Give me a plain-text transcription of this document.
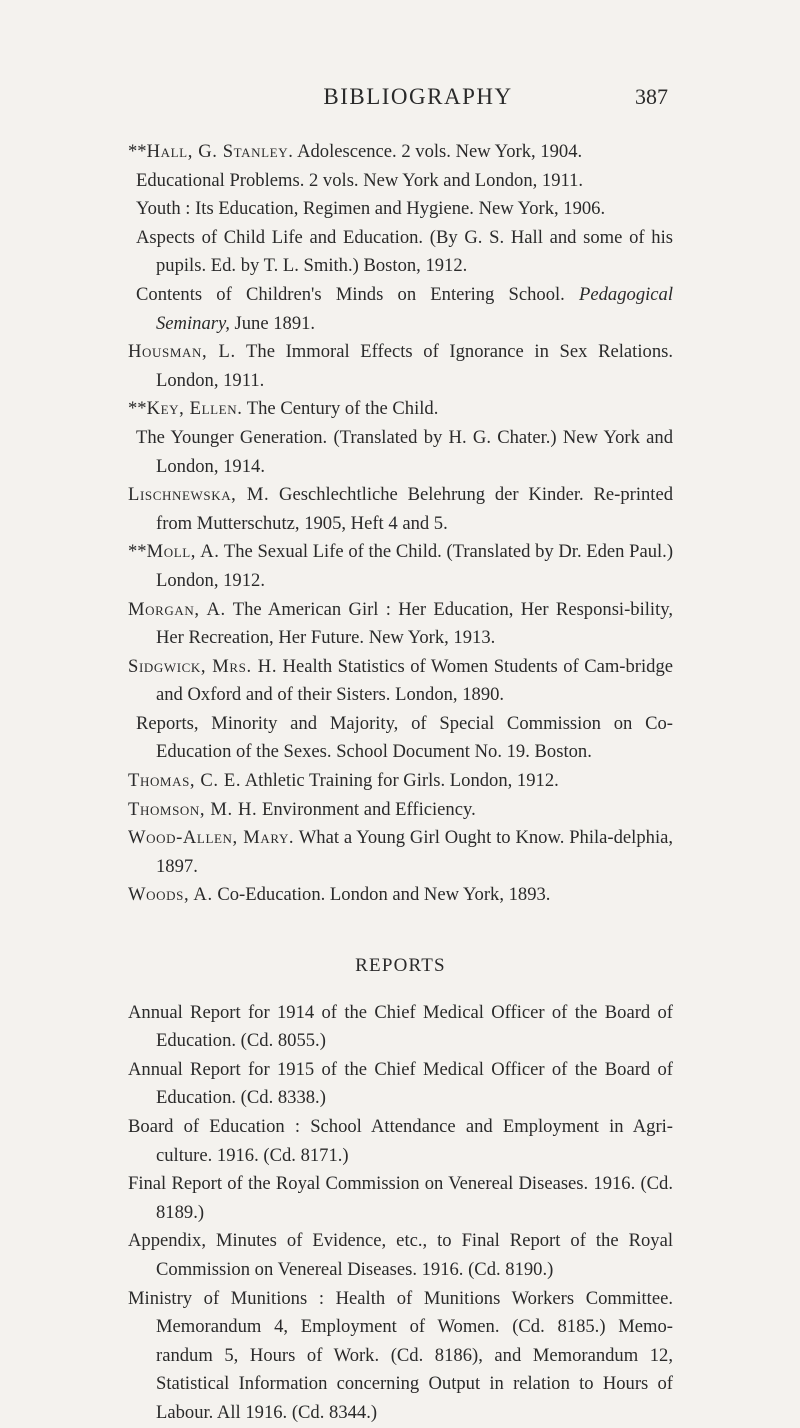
BIBLIOGRAPHY	387

**Hall, G. Stanley. Adolescence. 2 vols. New York, 1904.

Educational Problems. 2 vols. New York and London, 1911.

Youth : Its Education, Regimen and Hygiene. New York, 1906.

Aspects of Child Life and Education. (By G. S. Hall and some of his pupils. Ed. by T. L. Smith.) Boston, 1912.

Contents of Children's Minds on Entering School. Pedagogical Seminary, June 1891.

Housman, L. The Immoral Effects of Ignorance in Sex Relations. London, 1911.

**Key, Ellen. The Century of the Child.

The Younger Generation. (Translated by H. G. Chater.) New York and London, 1914.

Lischnewska, M. Geschlechtliche Belehrung der Kinder. Re-printed from Mutterschutz, 1905, Heft 4 and 5.

**Moll, A. The Sexual Life of the Child. (Translated by Dr. Eden Paul.) London, 1912.

Morgan, A. The American Girl : Her Education, Her Responsi-bility, Her Recreation, Her Future. New York, 1913.

Sidgwick, Mrs. H. Health Statistics of Women Students of Cam-bridge and Oxford and of their Sisters. London, 1890.

Reports, Minority and Majority, of Special Commission on Co-Education of the Sexes. School Document No. 19. Boston.

Thomas, C. E. Athletic Training for Girls. London, 1912.

Thomson, M. H. Environment and Efficiency.

Wood-Allen, Mary. What a Young Girl Ought to Know. Phila-delphia, 1897.

Woods, A. Co-Education. London and New York, 1893.

REPORTS

Annual Report for 1914 of the Chief Medical Officer of the Board of Education. (Cd. 8055.)

Annual Report for 1915 of the Chief Medical Officer of the Board of Education. (Cd. 8338.)

Board of Education : School Attendance and Employment in Agri-culture. 1916. (Cd. 8171.)

Final Report of the Royal Commission on Venereal Diseases. 1916. (Cd. 8189.)

Appendix, Minutes of Evidence, etc., to Final Report of the Royal Commission on Venereal Diseases. 1916. (Cd. 8190.)

Ministry of Munitions : Health of Munitions Workers Committee. Memorandum 4, Employment of Women. (Cd. 8185.) Memo-randum 5, Hours of Work. (Cd. 8186), and Memorandum 12, Statistical Information concerning Output in relation to Hours of Labour. All 1916. (Cd. 8344.)
